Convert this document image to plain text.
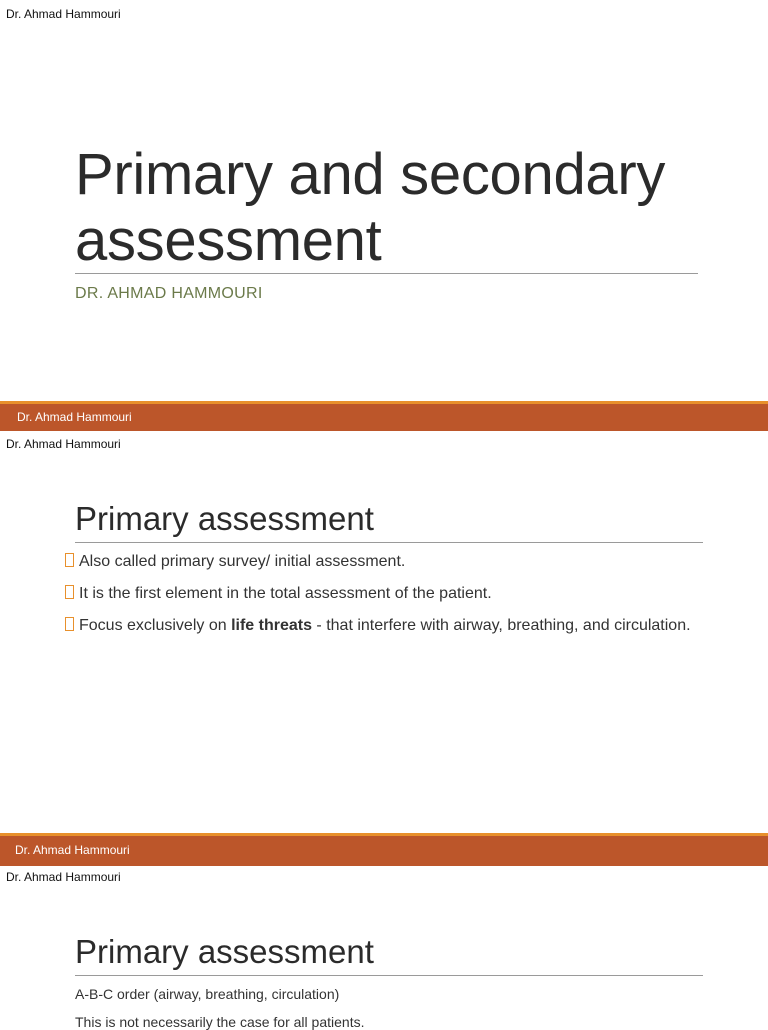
Dr. Ahmad Hammouri
Primary and secondary assessment
DR. AHMAD HAMMOURI
Dr. Ahmad Hammouri
Dr. Ahmad Hammouri
Primary assessment

Also called primary survey/ initial assessment.

It is the first element in the total assessment of the patient.

Focus exclusively on life threats - that interfere with airway, breathing, and circulation.

Dr. Ahmad Hammouri
Dr. Ahmad Hammouri
Primary assessment
A-B-C order (airway, breathing, circulation)
This is not necessarily the case for all patients.
